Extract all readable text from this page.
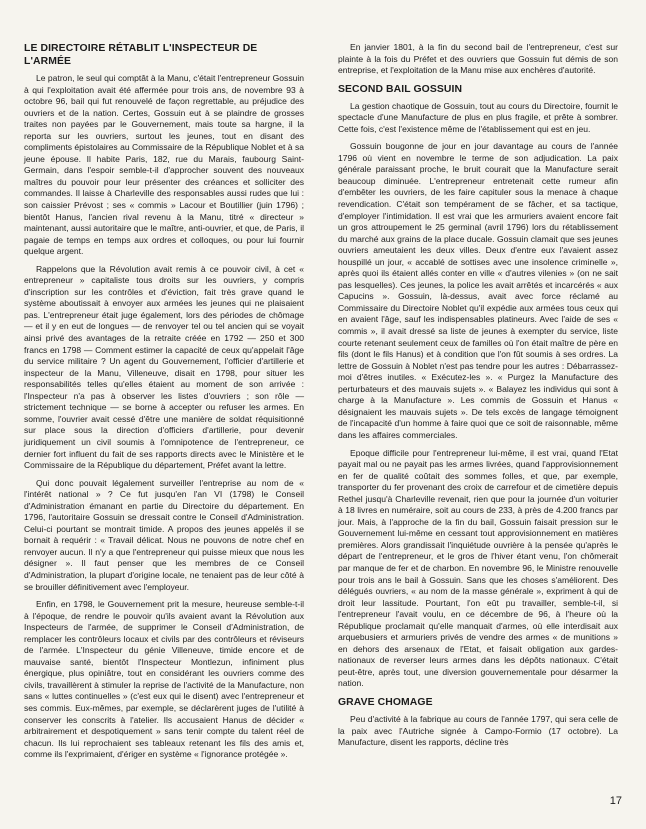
LE DIRECTOIRE RÉTABLIT L'INSPECTEUR DE L'ARMÉE

Le patron, le seul qui comptât à la Manu, c'était l'entrepreneur Gossuin à qui l'exploitation avait été affermée pour trois ans, de novembre 93 à octobre 96, bail qui fut renouvelé de façon regrettable, au préjudice des ouvriers et de la nation. Certes, Gossuin eut à se plaindre de grosses traites non payées par le Gouvernement, mais toute sa hargne, il la reporta sur les ouvriers, surtout les jeunes, tout en disant des compliments épistolaires au Commissaire de la République Noblet et à sa jeune épouse. Il habite Paris, 182, rue du Marais, faubourg Saint-Germain, dans l'espoir semble-t-il d'approcher souvent des nouveaux maîtres du pouvoir pour leur présenter des créances et solliciter des commandes. Il laisse à Charleville des responsables aussi rudes que lui : son caissier Prévost ; ses « commis » Lacour et Boutillier (juin 1796) ; bientôt Hanus, l'ancien rival revenu à la Manu, titré « directeur » maintenant, aussi autoritaire que le maître, anti-ouvrier, et que, de Paris, il pagaie de temps en temps aux ordres et colloques, ou pour lui fournir quelque argent.

Rappelons que la Révolution avait remis à ce pouvoir civil, à cet « entrepreneur » capitaliste tous droits sur les ouvriers, y compris d'inscription sur les contrôles et d'éviction, fait très grave quand le système aboutissait à envoyer aux armées les jeunes qui ne plaisaient pas. L'entrepreneur était juge également, lors des périodes de chômage — et il y en eut de longues — de renvoyer tel ou tel ancien qui se voyait ainsi privé des avantages de la retraite créée en 1792 — 250 et 300 francs en 1798 — Comment estimer la capacité de ceux qu'appelait l'âge du service militaire ? Un agent du Gouvernement, l'officier d'artillerie et inspecteur de la Manu, Villeneuve, disait en 1798, pour situer les responsabilités telles qu'elles étaient au moment de son arrivée : l'Inspecteur n'a pas à observer les listes d'ouvriers ; son rôle — strictement technique — se borne à accepter ou refuser les armes. En somme, l'ouvrier avait cessé d'être une manière de soldat réquisitionné sur place sous la direction d'officiers d'artillerie, pour devenir juridiquement un civil soumis à l'omnipotence de l'entrepreneur, ce dernier fort influent du fait de ses rapports directs avec le Ministère et le Commissaire de la République du département, Préfet avant la lettre.

Qui donc pouvait légalement surveiller l'entreprise au nom de « l'intérêt national » ? Ce fut jusqu'en l'an VI (1798) le Conseil d'Administration émanant en partie du Directoire du département. En 1796, l'autoritaire Gossuin se dressait contre le Conseil d'Administration. Celui-ci pourtant se montrait timide. A propos des jeunes appelés il se bornait à requérir : « Travail délicat. Nous ne pouvons de notre chef en renvoyer aucun. Il n'y a que l'entrepreneur qui puisse mieux que nous les désigner ». Il faut penser que les membres de ce Conseil d'Administration, la plupart d'origine locale, ne tenaient pas de leur côté à se brouiller définitivement avec l'employeur.

Enfin, en 1798, le Gouvernement prit la mesure, heureuse semble-t-il à l'époque, de rendre le pouvoir qu'ils avaient avant la Révolution aux Inspecteurs de l'armée, de supprimer le Conseil d'Administration, de remplacer les contrôleurs locaux et civils par des contrôleurs et réviseurs de l'armée. L'Inspecteur du génie Villeneuve, timide encore et de mauvaise santé, bientôt l'Inspecteur Montlezun, infiniment plus énergique, plus opiniâtre, tout en considérant les ouvriers comme des civils, travaillèrent à stimuler la reprise de l'activité de la Manufacture, non sans « luttes continuelles » (c'est eux qui le disent) avec l'entrepreneur et ses commis. Eux-mêmes, par exemple, se déclarèrent juges de l'utilité à conserver les conscrits à l'atelier. Ils accusaient Hanus de décider « arbitrairement et despotiquement » sans tenir compte du talent réel de chacun. Ils lui reprochaient ses tableaux retenant les fils des amis et, comme ils l'exprimaient, d'ériger en système « l'ignorance protégée ».

En janvier 1801, à la fin du second bail de l'entrepreneur, c'est sur plainte à la fois du Préfet et des ouvriers que Gossuin fut démis de son entreprise, et l'exploitation de la Manu mise aux enchères d'autorité.

SECOND BAIL GOSSUIN

La gestion chaotique de Gossuin, tout au cours du Directoire, fournit le spectacle d'une Manufacture de plus en plus fragile, et prête à sombrer. Cette fois, c'est l'existence même de l'établissement qui est en jeu.

Gossuin bougonne de jour en jour davantage au cours de l'année 1796 où vient en novembre le terme de son adjudication. La paix générale paraissant proche, le bruit courait que la Manufacture serait beaucoup diminuée. L'entrepreneur entretenait cette rumeur afin d'embêter les ouvriers, de les faire capituler sous la menace à chaque revendication. C'était son tempérament de se fâcher, et sa tactique, d'employer l'intimidation. Il est vrai que les armuriers avaient encore fait un gros attroupement le 25 germinal (avril 1796) lors du rétablissement du marché aux grains de la place ducale. Gossuin clamait que ses jeunes ouvriers ameutaient les deux villes. Deux d'entre eux l'avaient assez houspillé un jour, « accablé de sottises avec une insolence criminelle », après quoi ils étaient allés conter en ville « d'autres vilenies » (on ne sait pas lesquelles). Ces jeunes, la police les avait arrêtés et incarcérés « aux Capucins ». Gossuin, là-dessus, avait avec force réclamé au Commissaire du Directoire Noblet qu'il expédie aux armées tous ceux qui en avaient l'âge, sauf les indispensables platineurs. Avec l'aide de ses « commis », il avait dressé sa liste de jeunes à exempter du service, liste courte retenant seulement ceux de familles où l'on était maître de père en fils (dont le fils Hanus) et à condition que l'on fût soumis à ses ordres. La lettre de Gossuin à Noblet n'est pas tendre pour les autres : Débarrassez-moi d'êtres inutiles. « Exécutez-les ». « Purgez la Manufacture des perturbateurs et des mauvais sujets ». « Balayez les individus qui sont à charge à la Manufacture ». Les commis de Gossuin et Hanus « désignaient les mauvais sujets ». De tels excès de langage témoignent de l'incapacité d'un homme à faire quoi que ce soit de raisonnable, même dans les affaires commerciales.

Epoque difficile pour l'entrepreneur lui-même, il est vrai, quand l'Etat payait mal ou ne payait pas les armes livrées, quand l'approvisionnement en fer de qualité coûtait des sommes folles, et que, par exemple, transporter du fer provenant des croix de carrefour et de cimetière depuis Rethel jusqu'à Charleville revenait, rien que pour la journée d'un voiturier à 18 livres en numéraire, soit au cours de 233, à près de 4.200 francs par jour. Mais, à l'approche de la fin du bail, Gossuin faisait pression sur le Gouvernement lui-même en cessant tout approvisionnement en matières premières. Alors grandissait l'inquiétude ouvrière à la pensée qu'après le départ de l'entrepreneur, et le gros de l'hiver étant venu, l'on chômerait par manque de fer et de charbon. En novembre 96, le Ministre renouvelle pour trois ans le bail à Gossuin. Sans que les choses s'améliorent. Des délégués ouvriers, « au nom de la masse générale », expriment à qui de droit leur lassitude. Pourtant, l'on eût pu travailler, semble-t-il, si l'entrepreneur l'avait voulu, en ce décembre de 96, à l'heure où la République proclamait qu'elle manquait d'armes, où elle interdisait aux arquebusiers et armuriers privés de vendre des armes « de munitions » en dehors des arsenaux de l'Etat, et faisait obligation aux gardes-nationaux de reverser leurs armes dans les dépôts nationaux. C'était peut-être, après tout, une diversion gouvernementale pour désarmer la nation.

GRAVE CHOMAGE

Peu d'activité à la fabrique au cours de l'année 1797, qui sera celle de la paix avec l'Autriche signée à Campo-Formio (17 octobre). La Manufacture, disent les rapports, décline très

17
